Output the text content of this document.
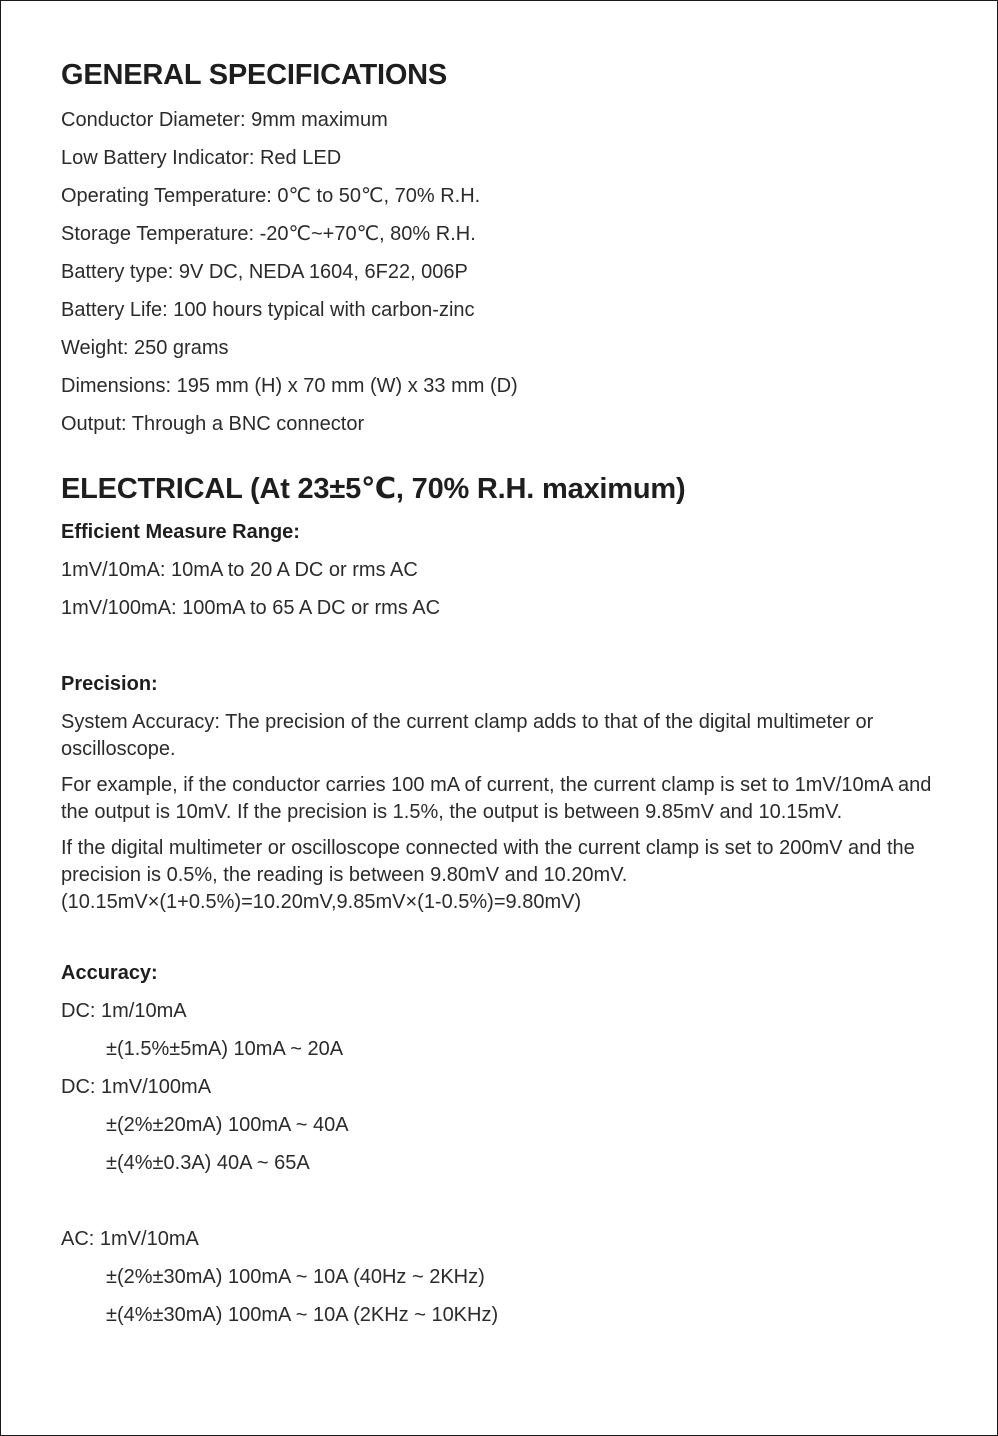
GENERAL SPECIFICATIONS

Conductor Diameter: 9mm maximum

Low Battery Indicator: Red LED

Operating Temperature: 0℃ to 50℃, 70% R.H.

Storage Temperature: -20℃~+70℃, 80% R.H.

Battery type: 9V DC, NEDA 1604, 6F22, 006P

Battery Life: 100 hours typical with carbon-zinc

Weight: 250 grams

Dimensions: 195 mm (H) x 70 mm (W) x 33 mm (D)

Output: Through a BNC connector

ELECTRICAL (At 23±5℃, 70% R.H. maximum)

Efficient Measure Range:

1mV/10mA: 10mA to 20 A DC or rms AC

1mV/100mA: 100mA to 65 A DC or rms AC

Precision:

System Accuracy: The precision of the current clamp adds to that of the digital multimeter or oscilloscope.

For example, if the conductor carries 100 mA of current, the current clamp is set to 1mV/10mA and the output is 10mV. If the precision is 1.5%, the output is between 9.85mV and 10.15mV.

If the digital multimeter or oscilloscope connected with the current clamp is set to 200mV and the precision is 0.5%, the reading is between 9.80mV and 10.20mV. (10.15mV×(1+0.5%)=10.20mV,9.85mV×(1-0.5%)=9.80mV)

Accuracy:

DC: 1m/10mA

±(1.5%±5mA) 10mA ~ 20A

DC: 1mV/100mA

±(2%±20mA) 100mA ~ 40A

±(4%±0.3A) 40A ~ 65A

AC: 1mV/10mA

±(2%±30mA) 100mA ~ 10A (40Hz ~ 2KHz)

±(4%±30mA) 100mA ~ 10A (2KHz ~ 10KHz)
